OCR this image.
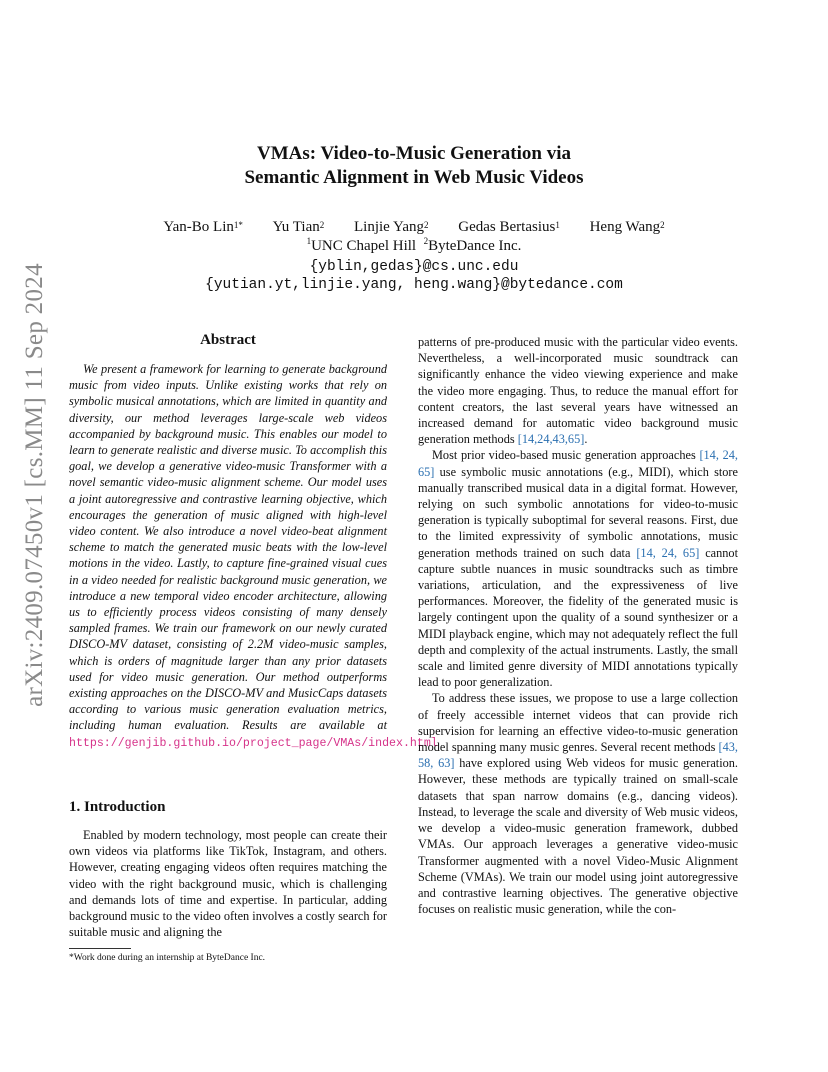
arXiv:2409.07450v1 [cs.MM] 11 Sep 2024
VMAs: Video-to-Music Generation via
Semantic Alignment in Web Music Videos
Yan-Bo Lin$^{1*}$ Yu Tian$^2$ Linjie Yang$^2$ Gedas Bertasius$^1$ Heng Wang$^2$
$^1$UNC Chapel Hill $^2$ByteDance Inc.
{yblin,gedas}@cs.unc.edu
{yutian.yt,linjie.yang, heng.wang}@bytedance.com
Abstract

We present a framework for learning to generate background music from video inputs. Unlike existing works that rely on symbolic musical annotations, which are limited in quantity and diversity, our method leverages large-scale web videos accompanied by background music. This enables our model to learn to generate realistic and diverse music. To accomplish this goal, we develop a generative video-music Transformer with a novel semantic video-music alignment scheme. Our model uses a joint autoregressive and contrastive learning objective, which encourages the generation of music aligned with high-level video content. We also introduce a novel video-beat alignment scheme to match the generated music beats with the low-level motions in the video. Lastly, to capture fine-grained visual cues in a video needed for realistic background music generation, we introduce a new temporal video encoder architecture, allowing us to efficiently process videos consisting of many densely sampled frames. We train our framework on our newly curated DISCO-MV dataset, consisting of 2.2M video-music samples, which is orders of magnitude larger than any prior datasets used for video music generation. Our method outperforms existing approaches on the DISCO-MV and MusicCaps datasets according to various music generation evaluation metrics, including human evaluation. Results are available at https://genjib.github.io/project_page/VMAs/index.html

1. Introduction

Enabled by modern technology, most people can create their own videos via platforms like TikTok, Instagram, and others. However, creating engaging videos often requires matching the video with the right background music, which is challenging and demands lots of time and expertise. In particular, adding background music to the video often involves a costly search for suitable music and aligning the

*Work done during an internship at ByteDance Inc.

patterns of pre-produced music with the particular video events. Nevertheless, a well-incorporated music soundtrack can significantly enhance the video viewing experience and make the video more engaging. Thus, to reduce the manual effort for content creators, the last several years have witnessed an increased demand for automatic video background music generation methods [14,24,43,65].

Most prior video-based music generation approaches [14, 24, 65] use symbolic music annotations (e.g., MIDI), which store manually transcribed musical data in a digital format. However, relying on such symbolic annotations for video-to-music generation is typically suboptimal for several reasons. First, due to the limited expressivity of symbolic annotations, music generation methods trained on such data [14, 24, 65] cannot capture subtle nuances in music soundtracks such as timbre variations, articulation, and the expressiveness of live performances. Moreover, the fidelity of the generated music is largely contingent upon the quality of a sound synthesizer or a MIDI playback engine, which may not adequately reflect the full depth and complexity of the actual instruments. Lastly, the small scale and limited genre diversity of MIDI annotations typically lead to poor generalization.

To address these issues, we propose to use a large collection of freely accessible internet videos that can provide rich supervision for learning an effective video-to-music generation model spanning many music genres. Several recent methods [43, 58, 63] have explored using Web videos for music generation. However, these methods are typically trained on small-scale datasets that span narrow domains (e.g., dancing videos). Instead, to leverage the scale and diversity of Web music videos, we develop a video-music generation framework, dubbed VMAs. Our approach leverages a generative video-music Transformer augmented with a novel Video-Music Alignment Scheme (VMAs). We train our model using joint autoregressive and contrastive learning objectives. The generative objective focuses on realistic music generation, while the con-
